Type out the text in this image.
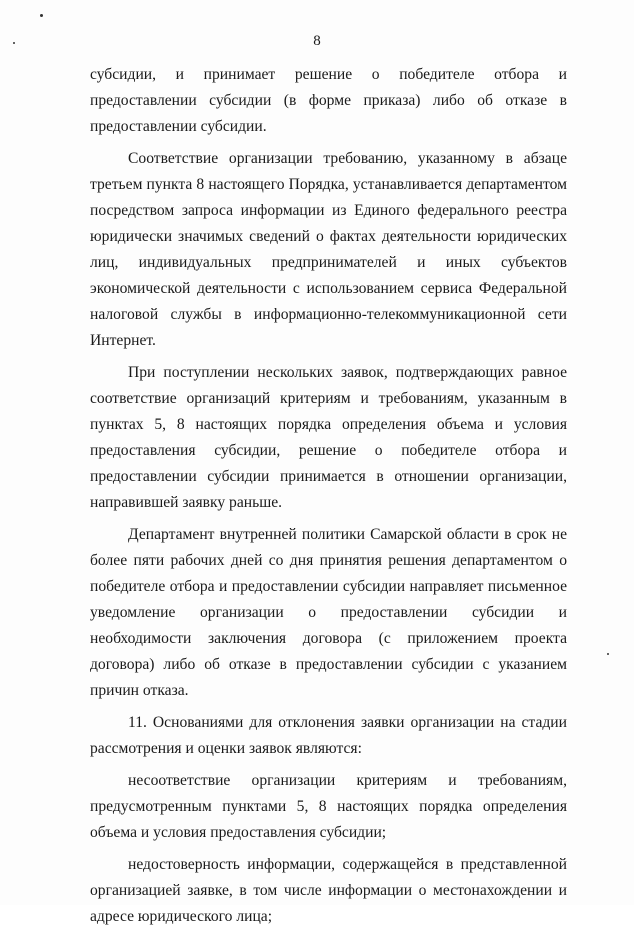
8

субсидии, и принимает решение о победителе отбора и предоставлении субсидии (в форме приказа) либо об отказе в предоставлении субсидии.

Соответствие организации требованию, указанному в абзаце третьем пункта 8 настоящего Порядка, устанавливается департаментом посредством запроса информации из Единого федерального реестра юридически значимых сведений о фактах деятельности юридических лиц, индивидуальных предпринимателей и иных субъектов экономической деятельности с использованием сервиса Федеральной налоговой службы в информационно-телекоммуникационной сети Интернет.

При поступлении нескольких заявок, подтверждающих равное соответствие организаций критериям и требованиям, указанным в пунктах 5, 8 настоящих порядка определения объема и условия предоставления субсидии, решение о победителе отбора и предоставлении субсидии принимается в отношении организации, направившей заявку раньше.

Департамент внутренней политики Самарской области в срок не более пяти рабочих дней со дня принятия решения департаментом о победителе отбора и предоставлении субсидии направляет письменное уведомление организации о предоставлении субсидии и необходимости заключения договора (с приложением проекта договора) либо об отказе в предоставлении субсидии с указанием причин отказа.

11. Основаниями для отклонения заявки организации на стадии рассмотрения и оценки заявок являются:

несоответствие организации критериям и требованиям, предусмотренным пунктами 5, 8 настоящих порядка определения объема и условия предоставления субсидии;

недостоверность информации, содержащейся в представленной организацией заявке, в том числе информации о местонахождении и адресе юридического лица;
